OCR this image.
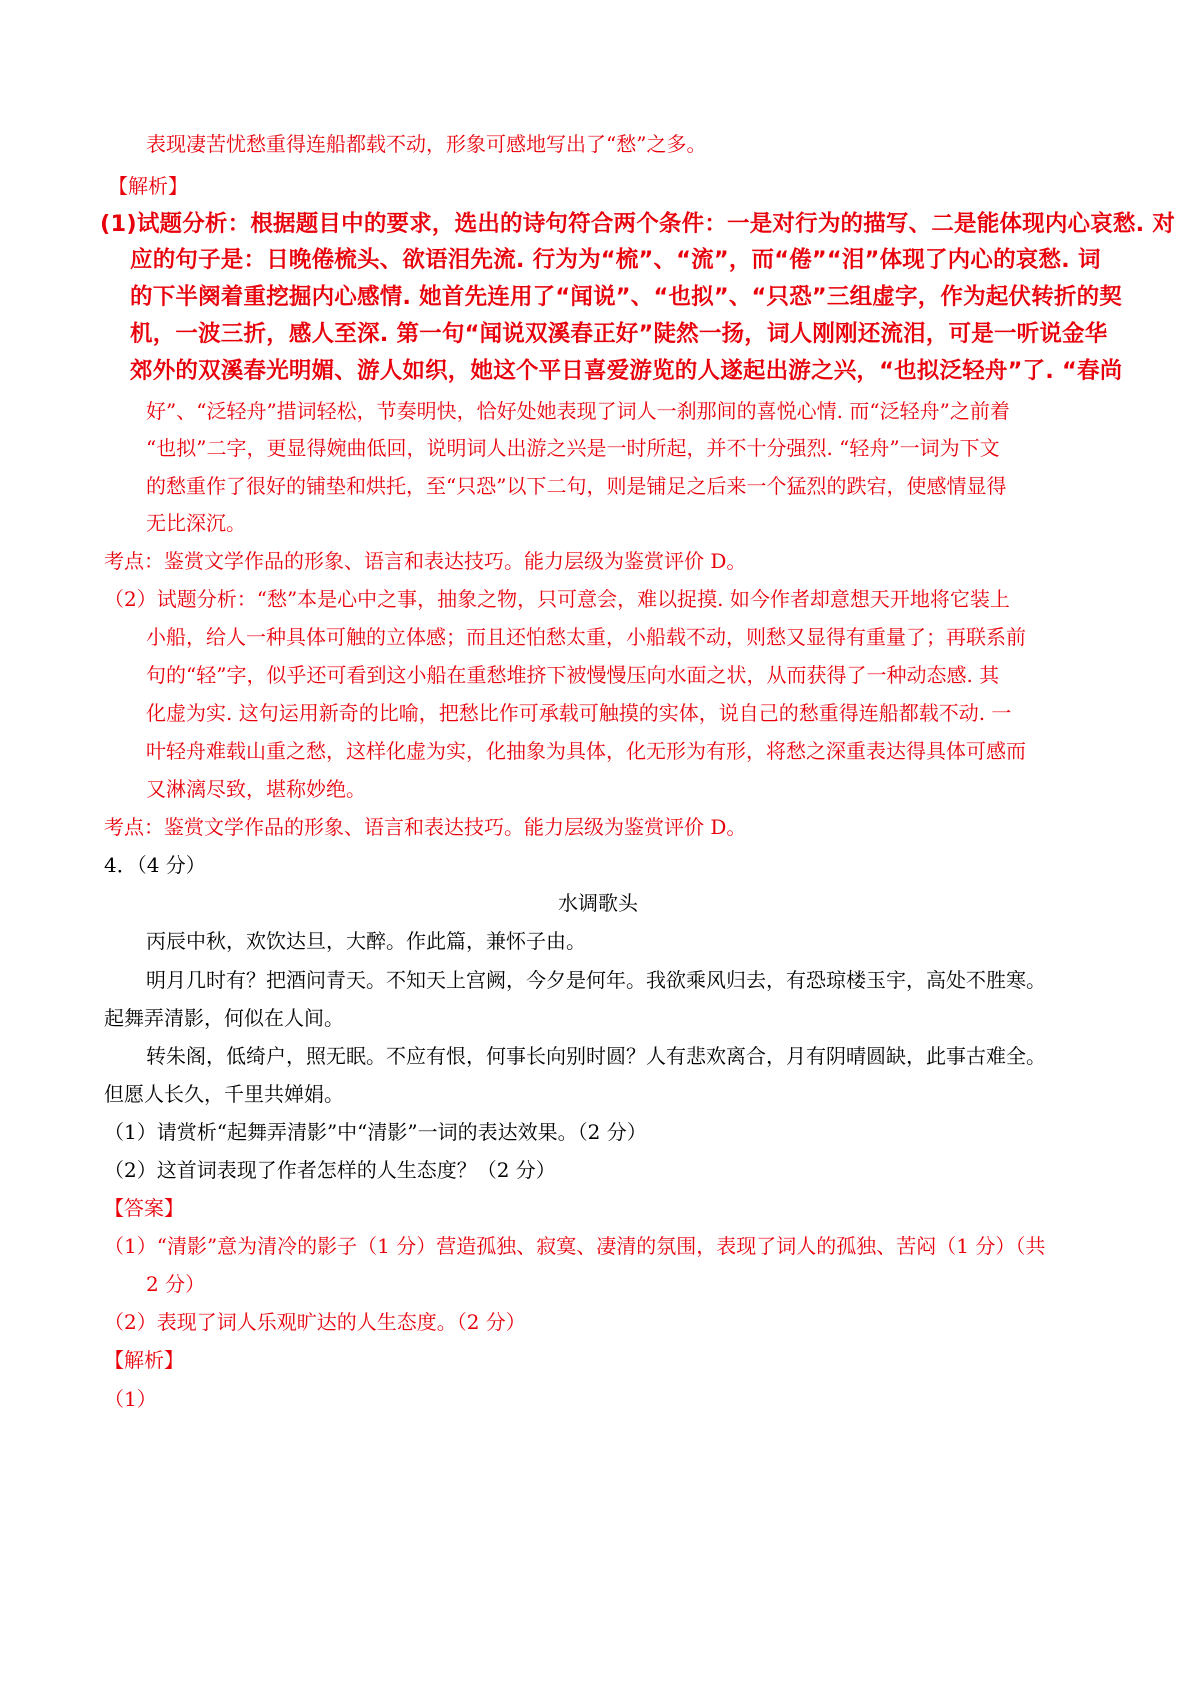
表现凄苦忧愁重得连船都载不动，形象可感地写出了“愁”之多。
【解析】
(1)试题分析：根据题目中的要求，选出的诗句符合两个条件：一是对行为的描写、二是能体现内心哀愁. 对
应的句子是：日晚倦梳头、欲语泪先流. 行为为“梳”、“流”，而“倦”“泪”体现了内心的哀愁. 词
的下半阕着重挖掘内心感情. 她首先连用了“闻说”、“也拟”、“只恐”三组虚字，作为起伏转折的契
机，一波三折，感人至深. 第一句“闻说双溪春正好”陡然一扬，词人刚刚还流泪，可是一听说金华
郊外的双溪春光明媚、游人如织，她这个平日喜爱游览的人遂起出游之兴，“也拟泛轻舟”了. “春尚
好”、“泛轻舟”措词轻松，节奏明快，恰好处她表现了词人一刹那间的喜悦心情. 而“泛轻舟”之前着
“也拟”二字，更显得婉曲低回，说明词人出游之兴是一时所起，并不十分强烈. “轻舟”一词为下文
的愁重作了很好的铺垫和烘托，至“只恐”以下二句，则是铺足之后来一个猛烈的跌宕，使感情显得
无比深沉。
考点：鉴赏文学作品的形象、语言和表达技巧。能力层级为鉴赏评价 D。
（2）试题分析：“愁”本是心中之事，抽象之物，只可意会，难以捉摸. 如今作者却意想天开地将它装上
小船，给人一种具体可触的立体感；而且还怕愁太重，小船载不动，则愁又显得有重量了；再联系前
句的“轻”字，似乎还可看到这小船在重愁堆挤下被慢慢压向水面之状，从而获得了一种动态感. 其
化虚为实. 这句运用新奇的比喻，把愁比作可承载可触摸的实体，说自己的愁重得连船都载不动. 一
叶轻舟难载山重之愁，这样化虚为实，化抽象为具体，化无形为有形，将愁之深重表达得具体可感而
又淋漓尽致，堪称妙绝。
考点：鉴赏文学作品的形象、语言和表达技巧。能力层级为鉴赏评价 D。
4．（4 分）
水调歌头
丙辰中秋，欢饮达旦，大醉。作此篇，兼怀子由。
明月几时有？把酒问青天。不知天上宫阙，今夕是何年。我欲乘风归去，有恐琼楼玉宇，高处不胜寒。
起舞弄清影，何似在人间。
转朱阁，低绮户，照无眠。不应有恨，何事长向别时圆？人有悲欢离合，月有阴晴圆缺，此事古难全。
但愿人长久，千里共婵娟。
（1）请赏析“起舞弄清影”中“清影”一词的表达效果。（2 分）
（2）这首词表现了作者怎样的人生态度？（2 分）
【答案】
（1）“清影”意为清冷的影子（1 分）营造孤独、寂寞、凄清的氛围，表现了词人的孤独、苦闷（1 分）（共
2 分）
（2）表现了词人乐观旷达的人生态度。（2 分）
【解析】
（1）
